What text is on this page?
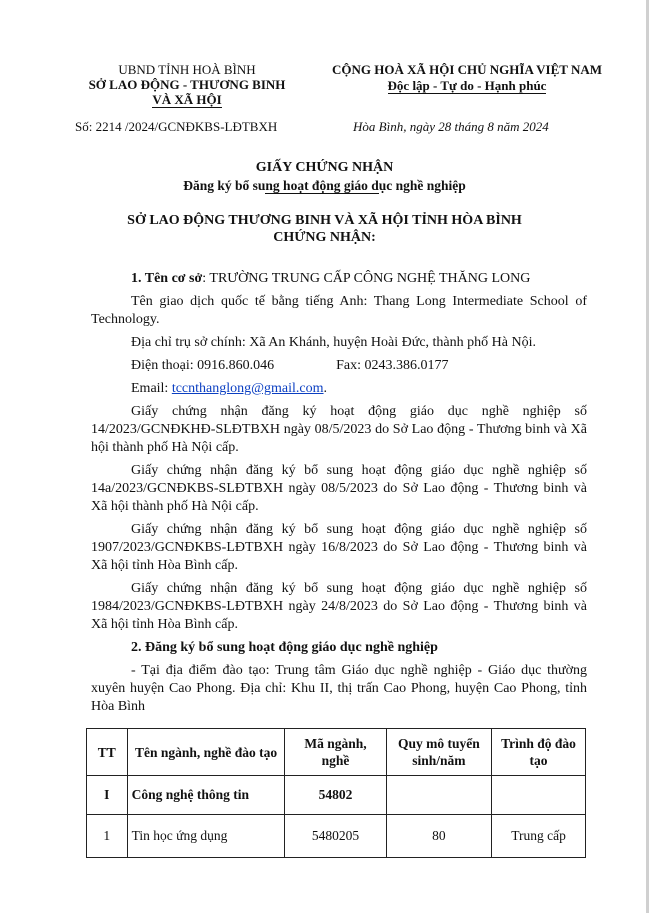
UBND TỈNH HOÀ BÌNH
SỞ LAO ĐỘNG - THƯƠNG BINH
VÀ XÃ HỘI
CỘNG HOÀ XÃ HỘI CHỦ NGHĨA VIỆT NAM
Độc lập - Tự do - Hạnh phúc
Số: 2214 /2024/GCNĐKBS-LĐTBXH	Hòa Bình, ngày 28 tháng 8 năm 2024
GIẤY CHỨNG NHẬN
Đăng ký bổ sung hoạt động giáo dục nghề nghiệp
SỞ LAO ĐỘNG THƯƠNG BINH VÀ XÃ HỘI TỈNH HÒA BÌNH
CHỨNG NHẬN:

1. Tên cơ sở: TRƯỜNG TRUNG CẤP CÔNG NGHỆ THĂNG LONG

Tên giao dịch quốc tế bằng tiếng Anh: Thang Long Intermediate School of Technology.

Địa chỉ trụ sở chính: Xã An Khánh, huyện Hoài Đức, thành phố Hà Nội.

Điện thoại: 0916.860.046	Fax: 0243.386.0177

Email: tccnthanglong@gmail.com.

Giấy chứng nhận đăng ký hoạt động giáo dục nghề nghiệp số 14/2023/GCNĐKHĐ-SLĐTBXH ngày 08/5/2023 do Sở Lao động - Thương binh và Xã hội thành phố Hà Nội cấp.

Giấy chứng nhận đăng ký bổ sung hoạt động giáo dục nghề nghiệp số 14a/2023/GCNĐKBS-SLĐTBXH ngày 08/5/2023 do Sở Lao động - Thương binh và Xã hội thành phố Hà Nội cấp.

Giấy chứng nhận đăng ký bổ sung hoạt động giáo dục nghề nghiệp số 1907/2023/GCNĐKBS-LĐTBXH ngày 16/8/2023 do Sở Lao động - Thương binh và Xã hội tỉnh Hòa Bình cấp.

Giấy chứng nhận đăng ký bổ sung hoạt động giáo dục nghề nghiệp số 1984/2023/GCNĐKBS-LĐTBXH ngày 24/8/2023 do Sở Lao động - Thương binh và Xã hội tỉnh Hòa Bình cấp.

2. Đăng ký bổ sung hoạt động giáo dục nghề nghiệp

- Tại địa điểm đào tạo: Trung tâm Giáo dục nghề nghiệp - Giáo dục thường xuyên huyện Cao Phong. Địa chỉ: Khu II, thị trấn Cao Phong, huyện Cao Phong, tỉnh Hòa Bình

TT	Tên ngành, nghề đào tạo	Mã ngành, nghề	Quy mô tuyển sinh/năm	Trình độ đào tạo
I	Công nghệ thông tin	54802		
1	Tin học ứng dụng	5480205	80	Trung cấp
